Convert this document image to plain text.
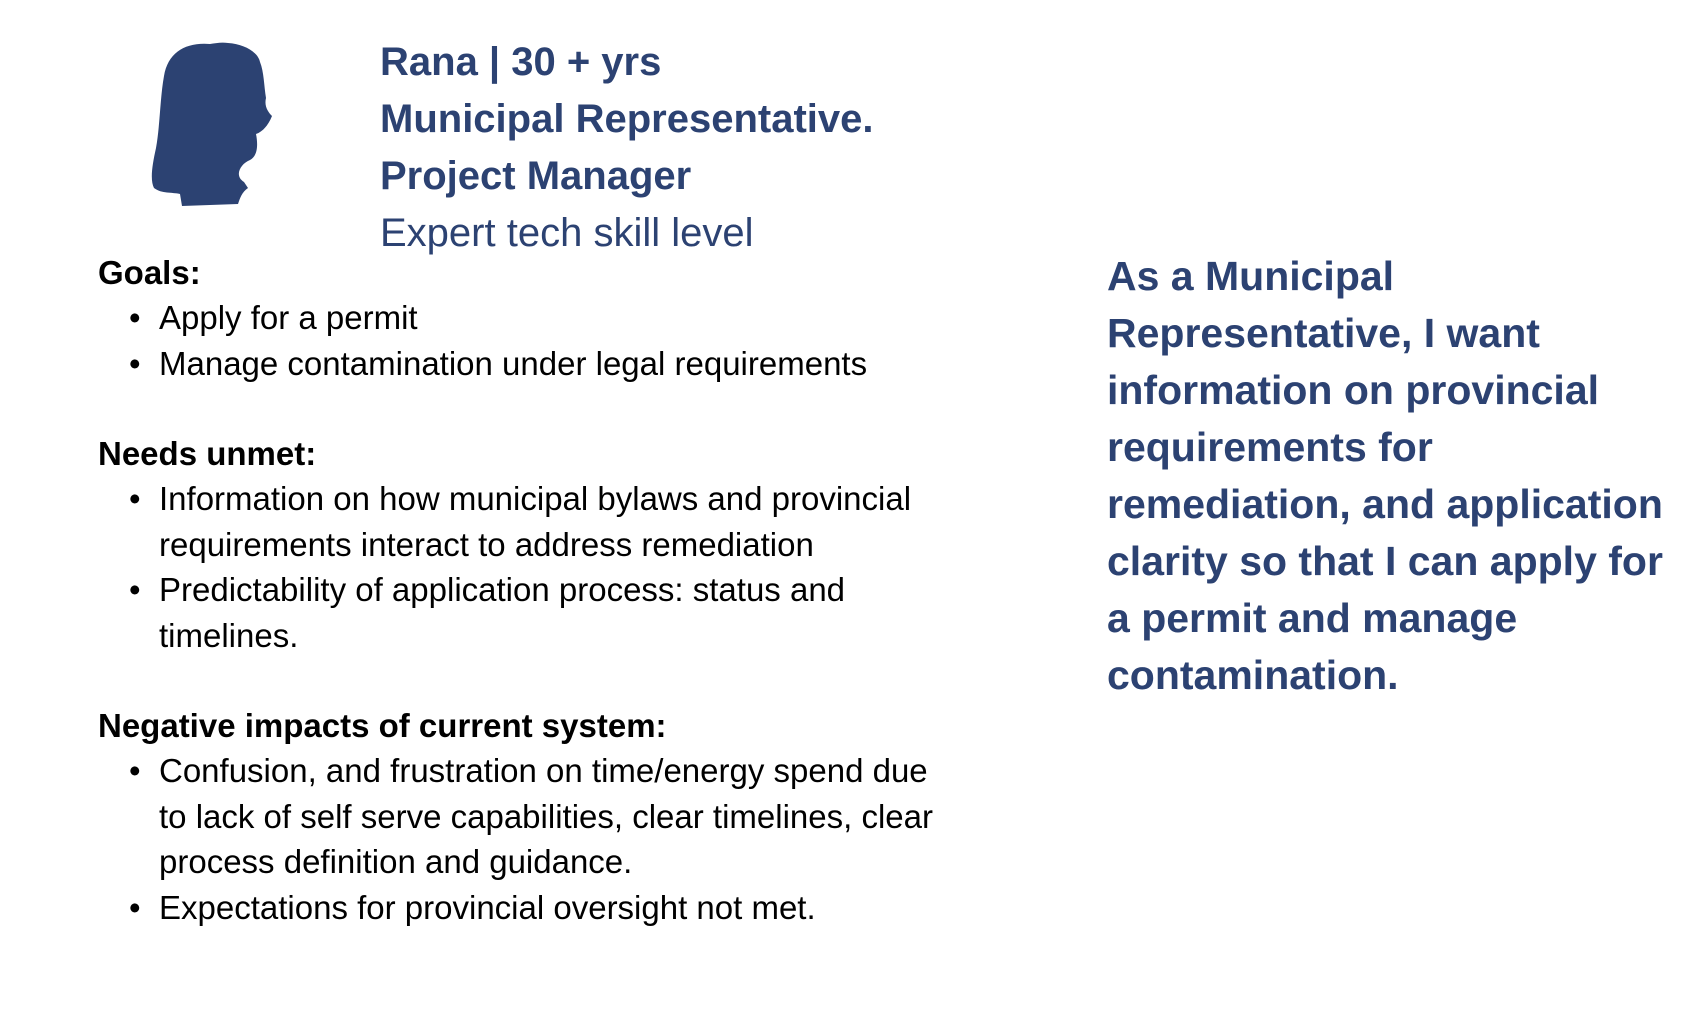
Rana | 30 + yrs

Municipal Representative.

Project Manager

Expert tech skill level

Goals:

• Apply for a permit
• Manage contamination under legal requirements

Needs unmet:

• Information on how municipal bylaws and provincial requirements interact to address remediation
• Predictability of application process: status and timelines.

Negative impacts of current system:

• Confusion, and frustration on time/energy spend due to lack of self serve capabilities, clear timelines, clear process definition and guidance.
• Expectations for provincial oversight not met.

As a Municipal Representative, I want information on provincial requirements for remediation, and application clarity so that I can apply for a permit and manage contamination.
